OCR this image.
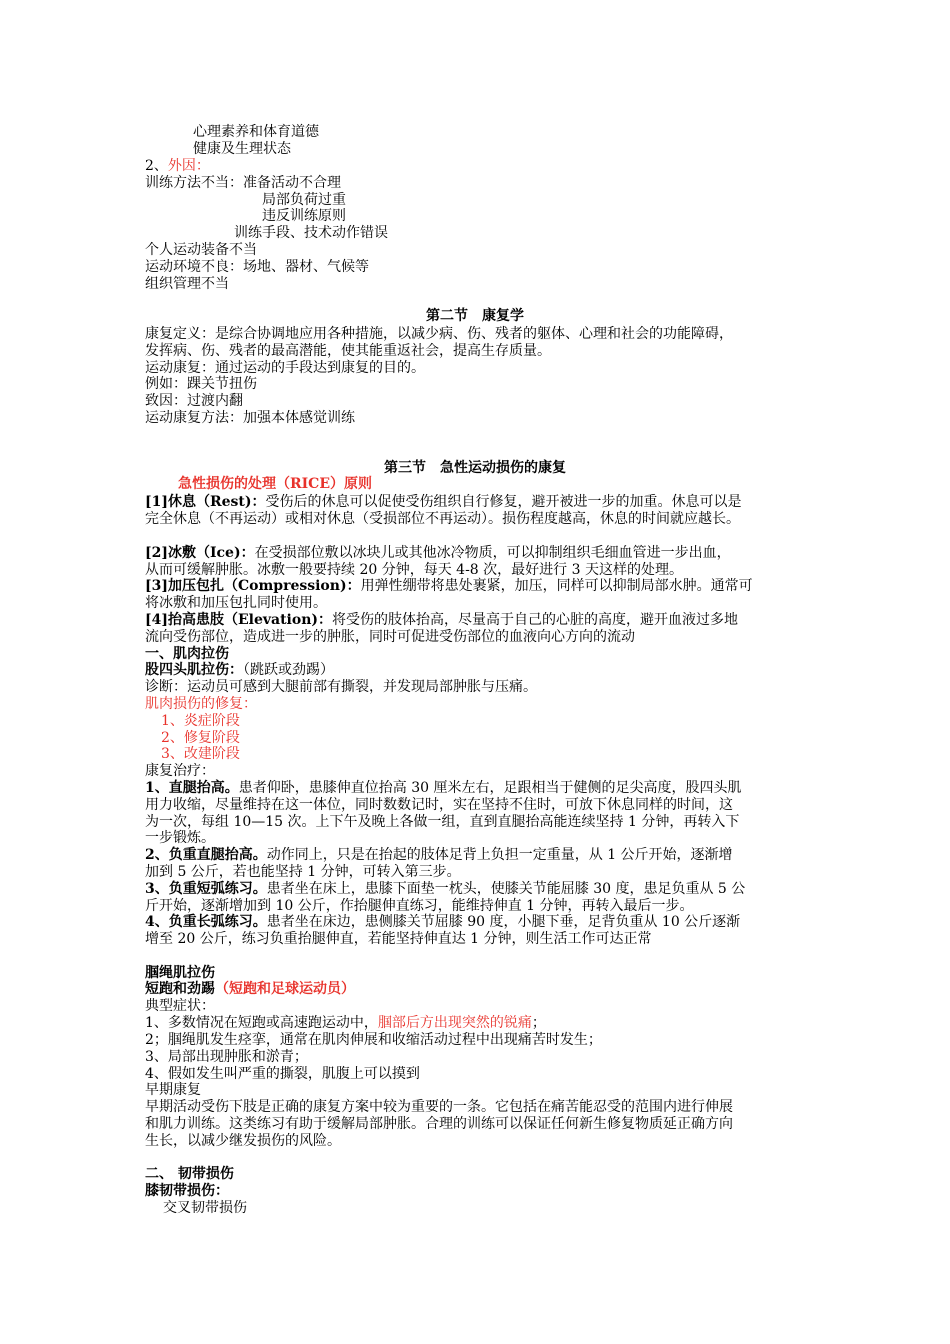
心理素养和体育道德
健康及生理状态
2、外因：
训练方法不当：准备活动不合理
局部负荷过重
违反训练原则
训练手段、技术动作错误
个人运动装备不当
运动环境不良：场地、器材、气候等
组织管理不当
第二节　康复学
康复定义：是综合协调地应用各种措施，以减少病、伤、残者的躯体、心理和社会的功能障碍，
发挥病、伤、残者的最高潜能，使其能重返社会，提高生存质量。
运动康复：通过运动的手段达到康复的目的。
例如：踝关节扭伤
致因：过渡内翻
运动康复方法：加强本体感觉训练
第三节　急性运动损伤的康复
急性损伤的处理（RICE）原则
[1]休息（Rest)：受伤后的休息可以促使受伤组织自行修复，避开被进一步的加重。休息可以是
完全休息（不再运动）或相对休息（受损部位不再运动）。损伤程度越高，休息的时间就应越长。
[2]冰敷（Ice)：在受损部位敷以冰块儿或其他冰冷物质，可以抑制组织毛细血管进一步出血，
从而可缓解肿胀。冰敷一般要持续 20 分钟，每天 4-8 次，最好进行 3 天这样的处理。
[3]加压包扎（Compression)：用弹性绷带将患处裹紧，加压，同样可以抑制局部水肿。通常可
将冰敷和加压包扎同时使用。
[4]抬高患肢（Elevation)：将受伤的肢体抬高，尽量高于自己的心脏的高度，避开血液过多地
流向受伤部位，造成进一步的肿胀，同时可促进受伤部位的血液向心方向的流动
一、肌肉拉伤
股四头肌拉伤：（跳跃或劲踢）
诊断：运动员可感到大腿前部有撕裂，并发现局部肿胀与压痛。
肌肉损伤的修复：
1、炎症阶段
2、修复阶段
3、改建阶段
康复治疗：
1、直腿抬高。患者仰卧，患膝伸直位抬高 30 厘米左右，足跟相当于健侧的足尖高度，股四头肌
用力收缩，尽量维持在这一体位，同时数数记时，实在坚持不住时，可放下休息同样的时间，这
为一次，每组 10—15 次。上下午及晚上各做一组，直到直腿抬高能连续坚持 1 分钟，再转入下
一步锻炼。
2、负重直腿抬高。动作同上，只是在抬起的肢体足背上负担一定重量，从 1 公斤开始，逐渐增
加到 5 公斤，若也能坚持 1 分钟，可转入第三步。
3、负重短弧练习。患者坐在床上，患膝下面垫一枕头，使膝关节能屈膝 30 度，患足负重从 5 公
斤开始，逐渐增加到 10 公斤，作抬腿伸直练习，能维持伸直 1 分钟，再转入最后一步。
4、负重长弧练习。患者坐在床边，患侧膝关节屈膝 90 度，小腿下垂，足背负重从 10 公斤逐渐
增至 20 公斤，练习负重抬腿伸直，若能坚持伸直达 1 分钟，则生活工作可达正常
腘绳肌拉伤
短跑和劲踢（短跑和足球运动员）
典型症状：
1、多数情况在短跑或高速跑运动中，腘部后方出现突然的锐痛；
2；腘绳肌发生痉挛，通常在肌肉伸展和收缩活动过程中出现痛苦时发生；
3、局部出现肿胀和淤青；
4、假如发生叫严重的撕裂，肌腹上可以摸到
早期康复
早期活动受伤下肢是正确的康复方案中较为重要的一条。它包括在痛苦能忍受的范围内进行伸展
和肌力训练。这类练习有助于缓解局部肿胀。合理的训练可以保证任何新生修复物质延正确方向
生长，以减少继发损伤的风险。
二、 韧带损伤
膝韧带损伤：
交叉韧带损伤
